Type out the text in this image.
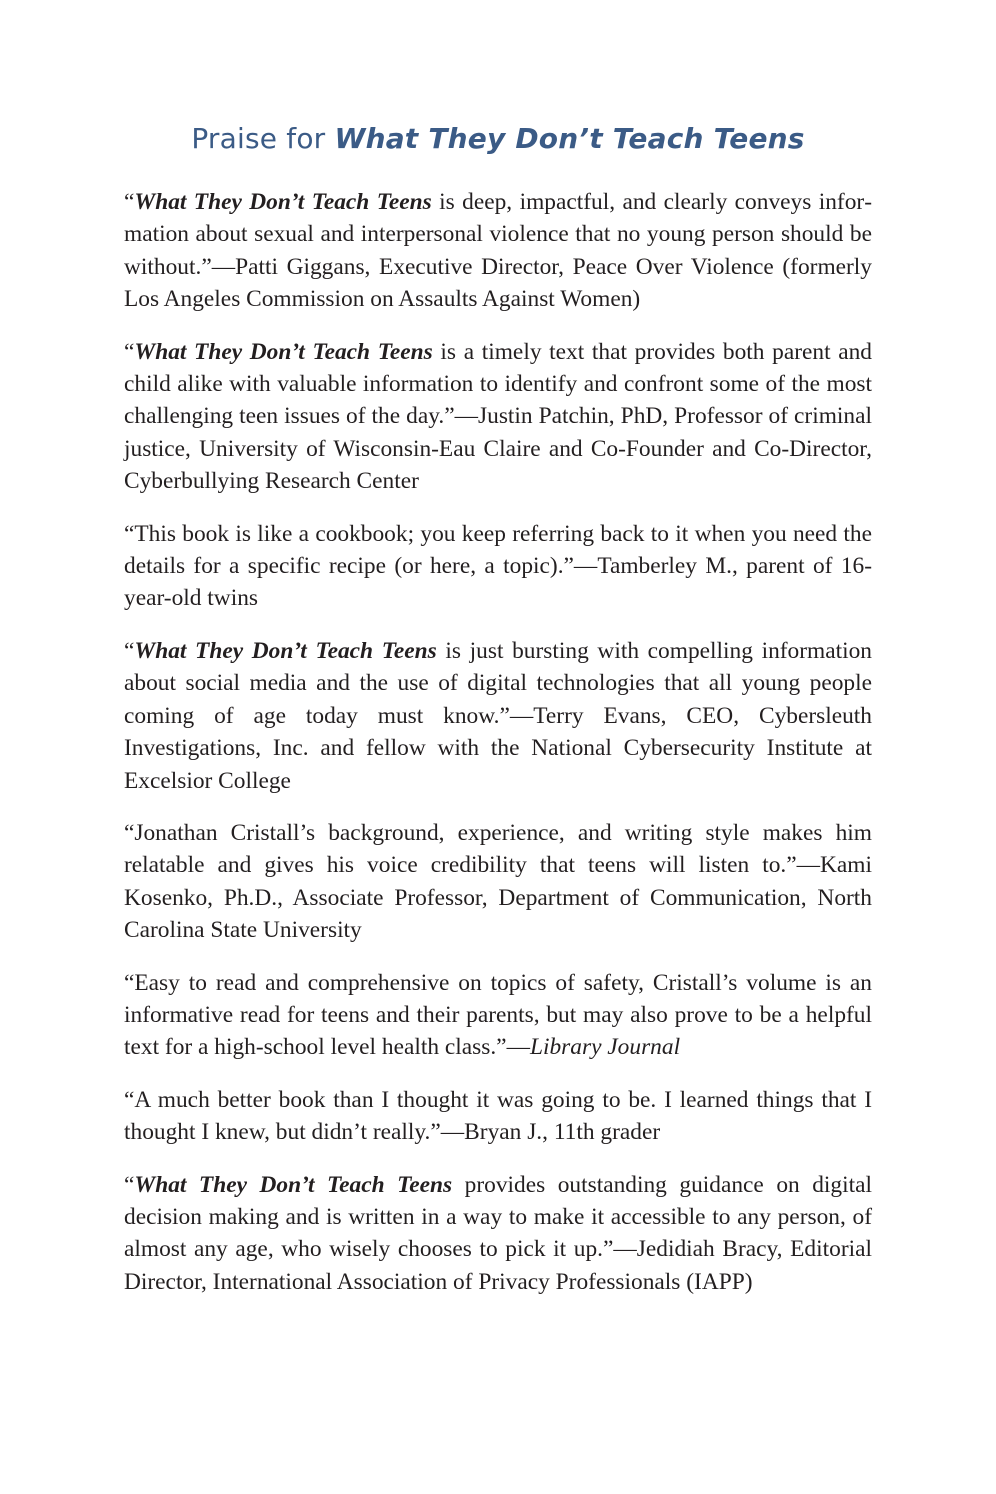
Praise for What They Don’t Teach Teens

“What They Don’t Teach Teens is deep, impactful, and clearly conveys information about sexual and interpersonal violence that no young person should be without.”—Patti Giggans, Executive Director, Peace Over Violence (formerly Los Angeles Commission on Assaults Against Women)

“What They Don’t Teach Teens is a timely text that provides both parent and child alike with valuable information to identify and confront some of the most challenging teen issues of the day.”—Justin Patchin, PhD, Professor of criminal justice, University of Wisconsin-Eau Claire and Co-Founder and Co-Director, Cyberbullying Research Center

“This book is like a cookbook; you keep referring back to it when you need the details for a specific recipe (or here, a topic).”—Tamberley M., parent of 16-year-old twins

“What They Don’t Teach Teens is just bursting with compelling information about social media and the use of digital technologies that all young people coming of age today must know.”—Terry Evans, CEO, Cybersleuth Investigations, Inc. and fellow with the National Cybersecurity Institute at Excelsior College

“Jonathan Cristall’s background, experience, and writing style makes him relatable and gives his voice credibility that teens will listen to.”—Kami Kosenko, Ph.D., Associate Professor, Department of Communication, North Carolina State University

“Easy to read and comprehensive on topics of safety, Cristall’s volume is an informative read for teens and their parents, but may also prove to be a helpful text for a high-school level health class.”—Library Journal

“A much better book than I thought it was going to be. I learned things that I thought I knew, but didn’t really.”—Bryan J., 11th grader

“What They Don’t Teach Teens provides outstanding guidance on digital decision making and is written in a way to make it accessible to any person, of almost any age, who wisely chooses to pick it up.”—Jedidiah Bracy, Editorial Director, International Association of Privacy Professionals (IAPP)
